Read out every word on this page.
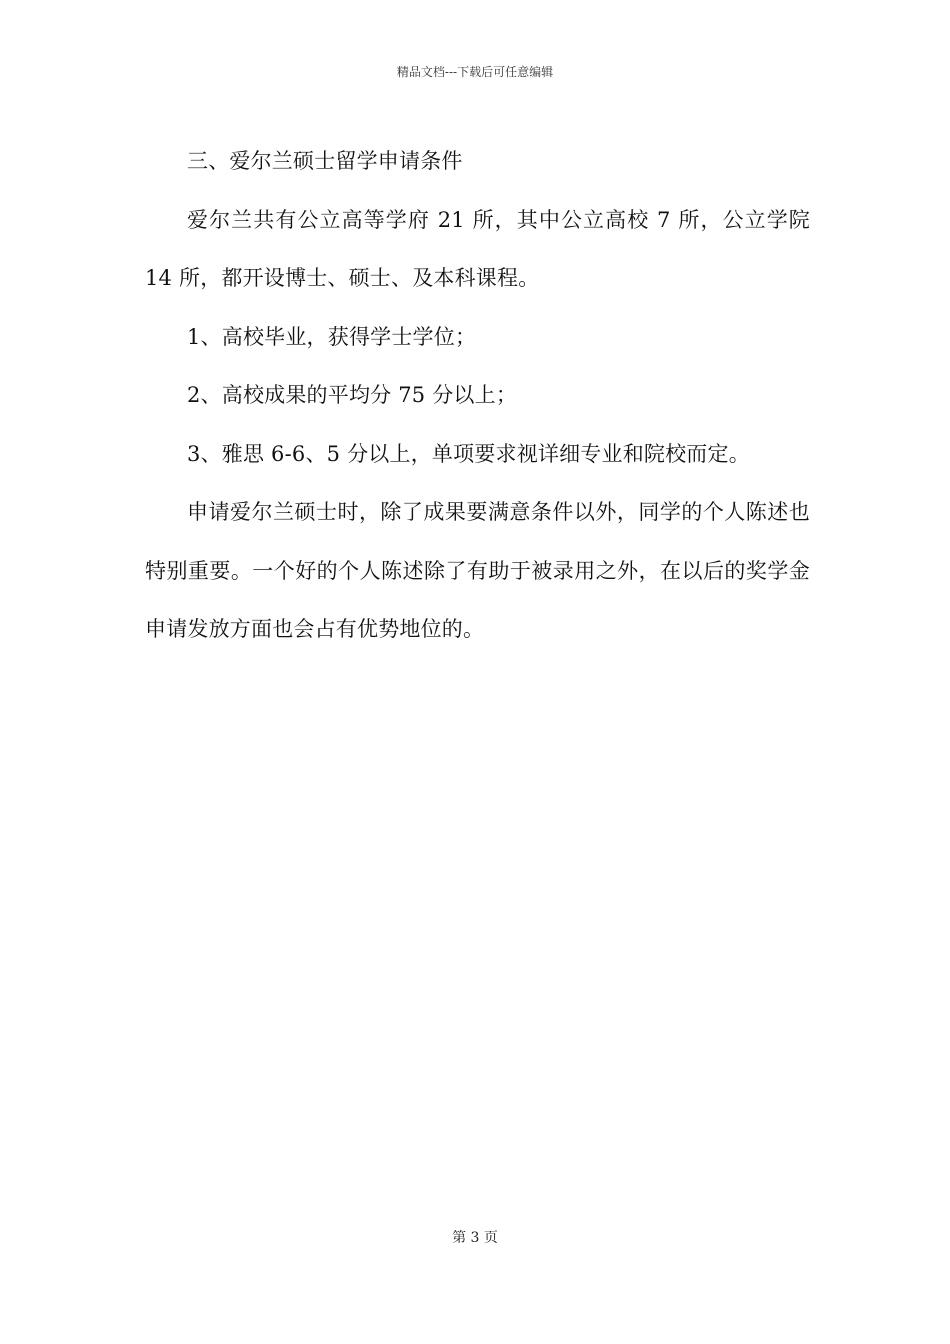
精品文档---下载后可任意编辑

三、爱尔兰硕士留学申请条件

爱尔兰共有公立高等学府 21 所，其中公立高校 7 所，公立学院 14 所，都开设博士、硕士、及本科课程。

1、高校毕业，获得学士学位；

2、高校成果的平均分 75 分以上；

3、雅思 6-6、5 分以上，单项要求视详细专业和院校而定。

申请爱尔兰硕士时，除了成果要满意条件以外，同学的个人陈述也特别重要。一个好的个人陈述除了有助于被录用之外，在以后的奖学金申请发放方面也会占有优势地位的。

第 3 页
